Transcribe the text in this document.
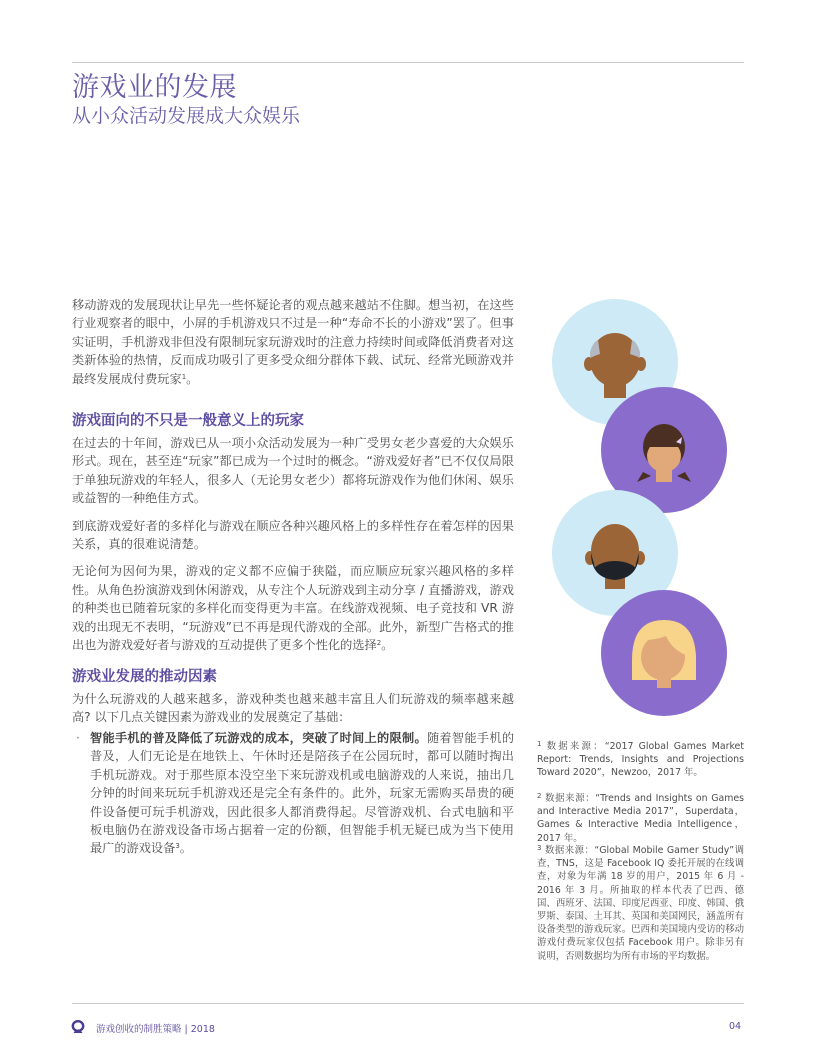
游戏业的发展
从小众活动发展成大众娱乐

移动游戏的发展现状让早先一些怀疑论者的观点越来越站不住脚。想当初，在这些行业观察者的眼中，小屏的手机游戏只不过是一种“寿命不长的小游戏”罢了。但事实证明，手机游戏非但没有限制玩家玩游戏时的注意力持续时间或降低消费者对这类新体验的热情，反而成功吸引了更多受众细分群体下载、试玩、经常光顾游戏并最终发展成付费玩家$^1$。

游戏面向的不只是一般意义上的玩家

在过去的十年间，游戏已从一项小众活动发展为一种广受男女老少喜爱的大众娱乐形式。现在，甚至连“玩家”都已成为一个过时的概念。“游戏爱好者”已不仅仅局限于单独玩游戏的年轻人，很多人（无论男女老少）都将玩游戏作为他们休闲、娱乐或益智的一种绝佳方式。

到底游戏爱好者的多样化与游戏在顺应各种兴趣风格上的多样性存在着怎样的因果关系，真的很难说清楚。

无论何为因何为果，游戏的定义都不应偏于狭隘，而应顺应玩家兴趣风格的多样性。从角色扮演游戏到休闲游戏，从专注个人玩游戏到主动分享 / 直播游戏，游戏的种类也已随着玩家的多样化而变得更为丰富。在线游戏视频、电子竞技和 VR 游戏的出现无不表明，“玩游戏”已不再是现代游戏的全部。此外，新型广告格式的推出也为游戏爱好者与游戏的互动提供了更多个性化的选择$^2$。

游戏业发展的推动因素

为什么玩游戏的人越来越多，游戏种类也越来越丰富且人们玩游戏的频率越来越高? 以下几点关键因素为游戏业的发展奠定了基础：

· 智能手机的普及降低了玩游戏的成本，突破了时间上的限制。随着智能手机的普及，人们无论是在地铁上、午休时还是陪孩子在公园玩时，都可以随时掏出手机玩游戏。对于那些原本没空坐下来玩游戏机或电脑游戏的人来说，抽出几分钟的时间来玩玩手机游戏还是完全有条件的。此外，玩家无需购买昂贵的硬件设备便可玩手机游戏，因此很多人都消费得起。尽管游戏机、台式电脑和平板电脑仍在游戏设备市场占据着一定的份额，但智能手机无疑已成为当下使用最广的游戏设备$^3$。

$^1$ 数据来源：“2017 Global Games Market Report: Trends, Insights and Projections Toward 2020”，Newzoo，2017 年。
$^2$ 数据来源：“Trends and Insights on Games and Interactive Media 2017”，Superdata，Games & Interactive Media Intelligence，2017 年。
$^3$ 数据来源：“Global Mobile Gamer Study”调查，TNS，这是 Facebook IQ 委托开展的在线调查，对象为年满 18 岁的用户，2015 年 6 月 - 2016 年 3 月。所抽取的样本代表了巴西、德国、西班牙、法国、印度尼西亚、印度、韩国、俄罗斯、泰国、土耳其、英国和美国网民，涵盖所有设备类型的游戏玩家。巴西和美国境内受访的移动游戏付费玩家仅包括 Facebook 用户。除非另有说明，否则数据均为所有市场的平均数据。
游戏创收的制胜策略 | 2018	04
